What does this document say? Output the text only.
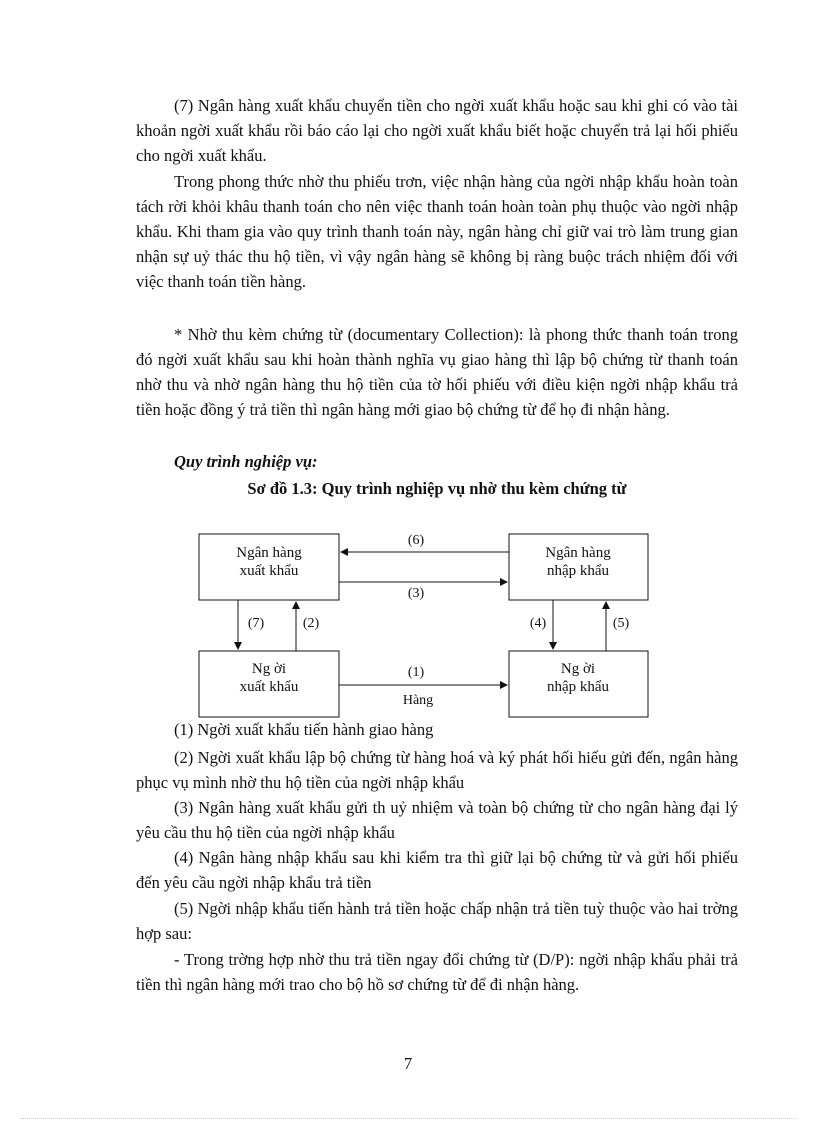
(7) Ngân hàng xuất khẩu chuyển tiền cho ngời xuất khẩu hoặc sau khi ghi có vào tài khoản ngời xuất khẩu rồi báo cáo lại cho ngời xuất khẩu biết hoặc chuyển trả lại hối phiếu cho ngời xuất khẩu.

Trong phong thức nhờ thu phiếu trơn, việc nhận hàng của ngời nhập khẩu hoàn toàn tách rời khỏi khâu thanh toán cho nên việc thanh toán hoàn toàn phụ thuộc vào ngời nhập khẩu. Khi tham gia vào quy trình thanh toán này, ngân hàng chỉ giữ vai trò làm trung gian nhận sự uỷ thác thu hộ tiền, vì vậy ngân hàng sẽ không bị ràng buộc trách nhiệm đối với việc thanh toán tiền hàng.

* Nhờ thu kèm chứng từ (documentary Collection): là phong thức thanh toán trong đó ngời xuất khẩu sau khi hoàn thành nghĩa vụ giao hàng thì lập bộ chứng từ thanh toán nhờ thu và nhờ ngân hàng thu hộ tiền của tờ hối phiếu với điều kiện ngời nhập khẩu trả tiền hoặc đồng ý trả tiền thì ngân hàng mới giao bộ chứng từ để họ đi nhận hàng.

Quy trình nghiệp vụ:

Sơ đồ 1.3: Quy trình nghiệp vụ nhờ thu kèm chứng từ

Ngân hàng
xuất khẩu
Ngân hàng
nhập khẩu
Ng ời
xuất khẩu
Ng ời
nhập khẩu
(6)
(3)
(7)	(2)	(4)	(5)
(1)
Hàng

(1) Ngời xuất khẩu tiến hành giao hàng

(2) Ngời xuất khẩu lập bộ chứng từ hàng hoá và ký phát hối hiếu gửi đến, ngân hàng phục vụ mình nhờ thu hộ tiền của ngời nhập khẩu

(3) Ngân hàng xuất khẩu gửi th uỷ nhiệm và toàn bộ chứng từ cho ngân hàng đại lý yêu cầu thu hộ tiền của ngời nhập khẩu

(4) Ngân hàng nhập khẩu sau khi kiểm tra thì giữ lại bộ chứng từ và gửi hối phiếu đến yêu cầu ngời nhập khẩu trả tiền

(5) Ngời nhập khẩu tiến hành trả tiền hoặc chấp nhận trả tiền tuỳ thuộc vào hai trờng hợp sau:

- Trong trờng hợp nhờ thu trả tiền ngay đổi chứng từ (D/P): ngời nhập khẩu phải trả tiền thì ngân hàng mới trao cho bộ hồ sơ chứng từ để đi nhận hàng.

7
